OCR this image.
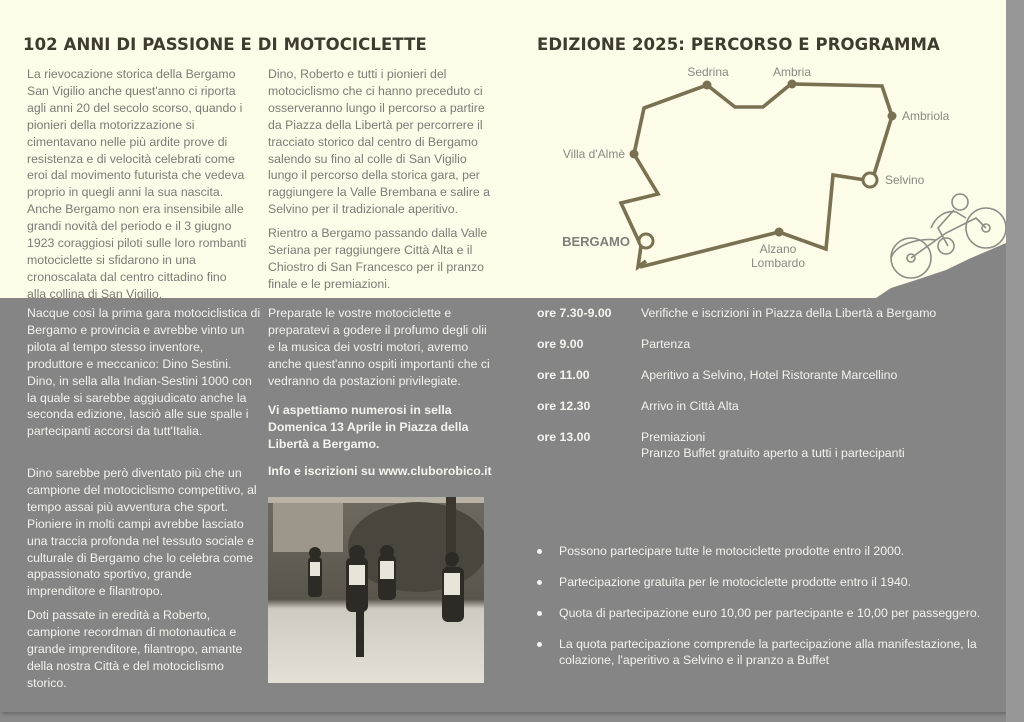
102 ANNI DI PASSIONE E DI MOTOCICLETTE

La rievocazione storica della Bergamo San Vigilio anche quest'anno ci riporta agli anni 20 del secolo scorso, quando i pionieri della motorizzazione si cimentavano nelle più ardite prove di resistenza e di velocità celebrati come eroi dal movimento futurista che vedeva proprio in quegli anni la sua nascita. Anche Bergamo non era insensibile alle grandi novità del periodo e il 3 giugno 1923 coraggiosi piloti sulle loro rombanti motociclette si sfidarono in una cronoscalata dal centro cittadino fino alla collina di San Vigilio.

Dino, Roberto e tutti i pionieri del motociclismo che ci hanno preceduto ci osserveranno lungo il percorso a partire da Piazza della Libertà per percorrere il tracciato storico dal centro di Bergamo salendo su fino al colle di San Vigilio lungo il percorso della storica gara, per raggiungere la Valle Brembana e salire a Selvino per il tradizionale aperitivo.

Rientro a Bergamo passando dalla Valle Seriana per raggiungere Città Alta e il Chiostro di San Francesco per il pranzo finale e le premiazioni.

EDIZIONE 2025: PERCORSO E PROGRAMMA
Sedrina	Ambria
Ambriola
Villa d'Almè
Selvino
BERGAMO	Alzano
Lombardo

Nacque così la prima gara motociclistica di Bergamo e provincia e avrebbe vinto un pilota al tempo stesso inventore, produttore e meccanico: Dino Sestini. Dino, in sella alla Indian-Sestini 1000 con la quale si sarebbe aggiudicato anche la seconda edizione, lasciò alle sue spalle i partecipanti accorsi da tutt'Italia.

Dino sarebbe però diventato più che un campione del motociclismo competitivo, al tempo assai più avventura che sport. Pioniere in molti campi avrebbe lasciato una traccia profonda nel tessuto sociale e culturale di Bergamo che lo celebra come appassionato sportivo, grande imprenditore e filantropo.

Doti passate in eredità a Roberto, campione recordman di motonautica e grande imprenditore, filantropo, amante della nostra Città e del motociclismo storico.

Preparate le vostre motociclette e preparatevi a godere il profumo degli olii e la musica dei vostri motori, avremo anche quest'anno ospiti importanti che ci vedranno da postazioni privilegiate.

Vi aspettiamo numerosi in sella Domenica 13 Aprile in Piazza della Libertà a Bergamo.

Info e iscrizioni su www.cluborobico.it

ore 7.30-9.00	Verifiche e iscrizioni in Piazza della Libertà a Bergamo
ore 9.00	Partenza
ore 11.00	Aperitivo a Selvino, Hotel Ristorante Marcellino
ore 12.30	Arrivo in Città Alta
ore 13.00	Premiazioni
Pranzo Buffet gratuito aperto a tutti i partecipanti
Possono partecipare tutte le motociclette prodotte entro il 2000.
Partecipazione gratuita per le motociclette prodotte entro il 1940.
Quota di partecipazione euro 10,00 per partecipante e 10,00 per passeggero.
La quota partecipazione comprende la partecipazione alla manifestazione, la colazione, l'aperitivo a Selvino e il pranzo a Buffet
